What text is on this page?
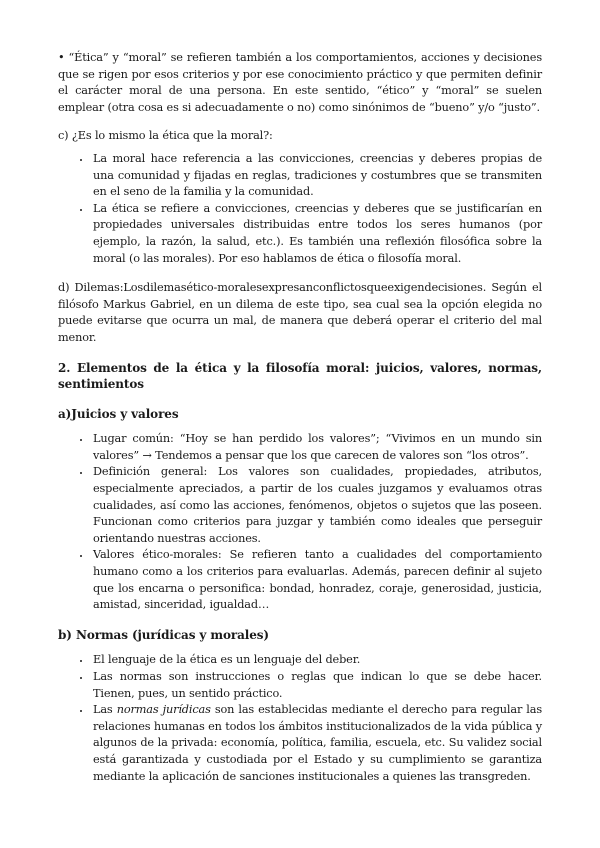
• “Ética” y “moral” se refieren también a los comportamientos, acciones y decisiones que se rigen por esos criterios y por ese conocimiento práctico y que permiten definir el carácter moral de una persona. En este sentido, “ético” y “moral” se suelen emplear (otra cosa es si adecuadamente o no) como sinónimos de “bueno” y/o “justo”.

c) ¿Es lo mismo la ética que la moral?:

• La moral hace referencia a las convicciones, creencias y deberes propias de una comunidad y fijadas en reglas, tradiciones y costumbres que se transmiten en el seno de la familia y la comunidad.
• La ética se refiere a convicciones, creencias y deberes que se justificarían en propiedades universales distribuidas entre todos los seres humanos (por ejemplo, la razón, la salud, etc.). Es también una reflexión filosófica sobre la moral (o las morales). Por eso hablamos de ética o filosofía moral.

d) Dilemas:Losdilemasético-moralesexpresanconflictosqueexigendecisiones. Según el filósofo Markus Gabriel, en un dilema de este tipo, sea cual sea la opción elegida no puede evitarse que ocurra un mal, de manera que deberá operar el criterio del mal menor.

2. Elementos de la ética y la filosofía moral: juicios, valores, normas, sentimientos
a)Juicios y valores
• Lugar común: “Hoy se han perdido los valores”; “Vivimos en un mundo sin valores” → Tendemos a pensar que los que carecen de valores son “los otros”.
• Definición general: Los valores son cualidades, propiedades, atributos, especialmente apreciados, a partir de los cuales juzgamos y evaluamos otras cualidades, así como las acciones, fenómenos, objetos o sujetos que las poseen. Funcionan como criterios para juzgar y también como ideales que perseguir orientando nuestras acciones.
• Valores ético-morales: Se refieren tanto a cualidades del comportamiento humano como a los criterios para evaluarlas. Además, parecen definir al sujeto que los encarna o personifica: bondad, honradez, coraje, generosidad, justicia, amistad, sinceridad, igualdad…
b) Normas (jurídicas y morales)
• El lenguaje de la ética es un lenguaje del deber.
• Las normas son instrucciones o reglas que indican lo que se debe hacer. Tienen, pues, un sentido práctico.
• Las normas jurídicas son las establecidas mediante el derecho para regular las relaciones humanas en todos los ámbitos institucionalizados de la vida pública y algunos de la privada: economía, política, familia, escuela, etc. Su validez social está garantizada y custodiada por el Estado y su cumplimiento se garantiza mediante la aplicación de sanciones institucionales a quienes las transgreden.
